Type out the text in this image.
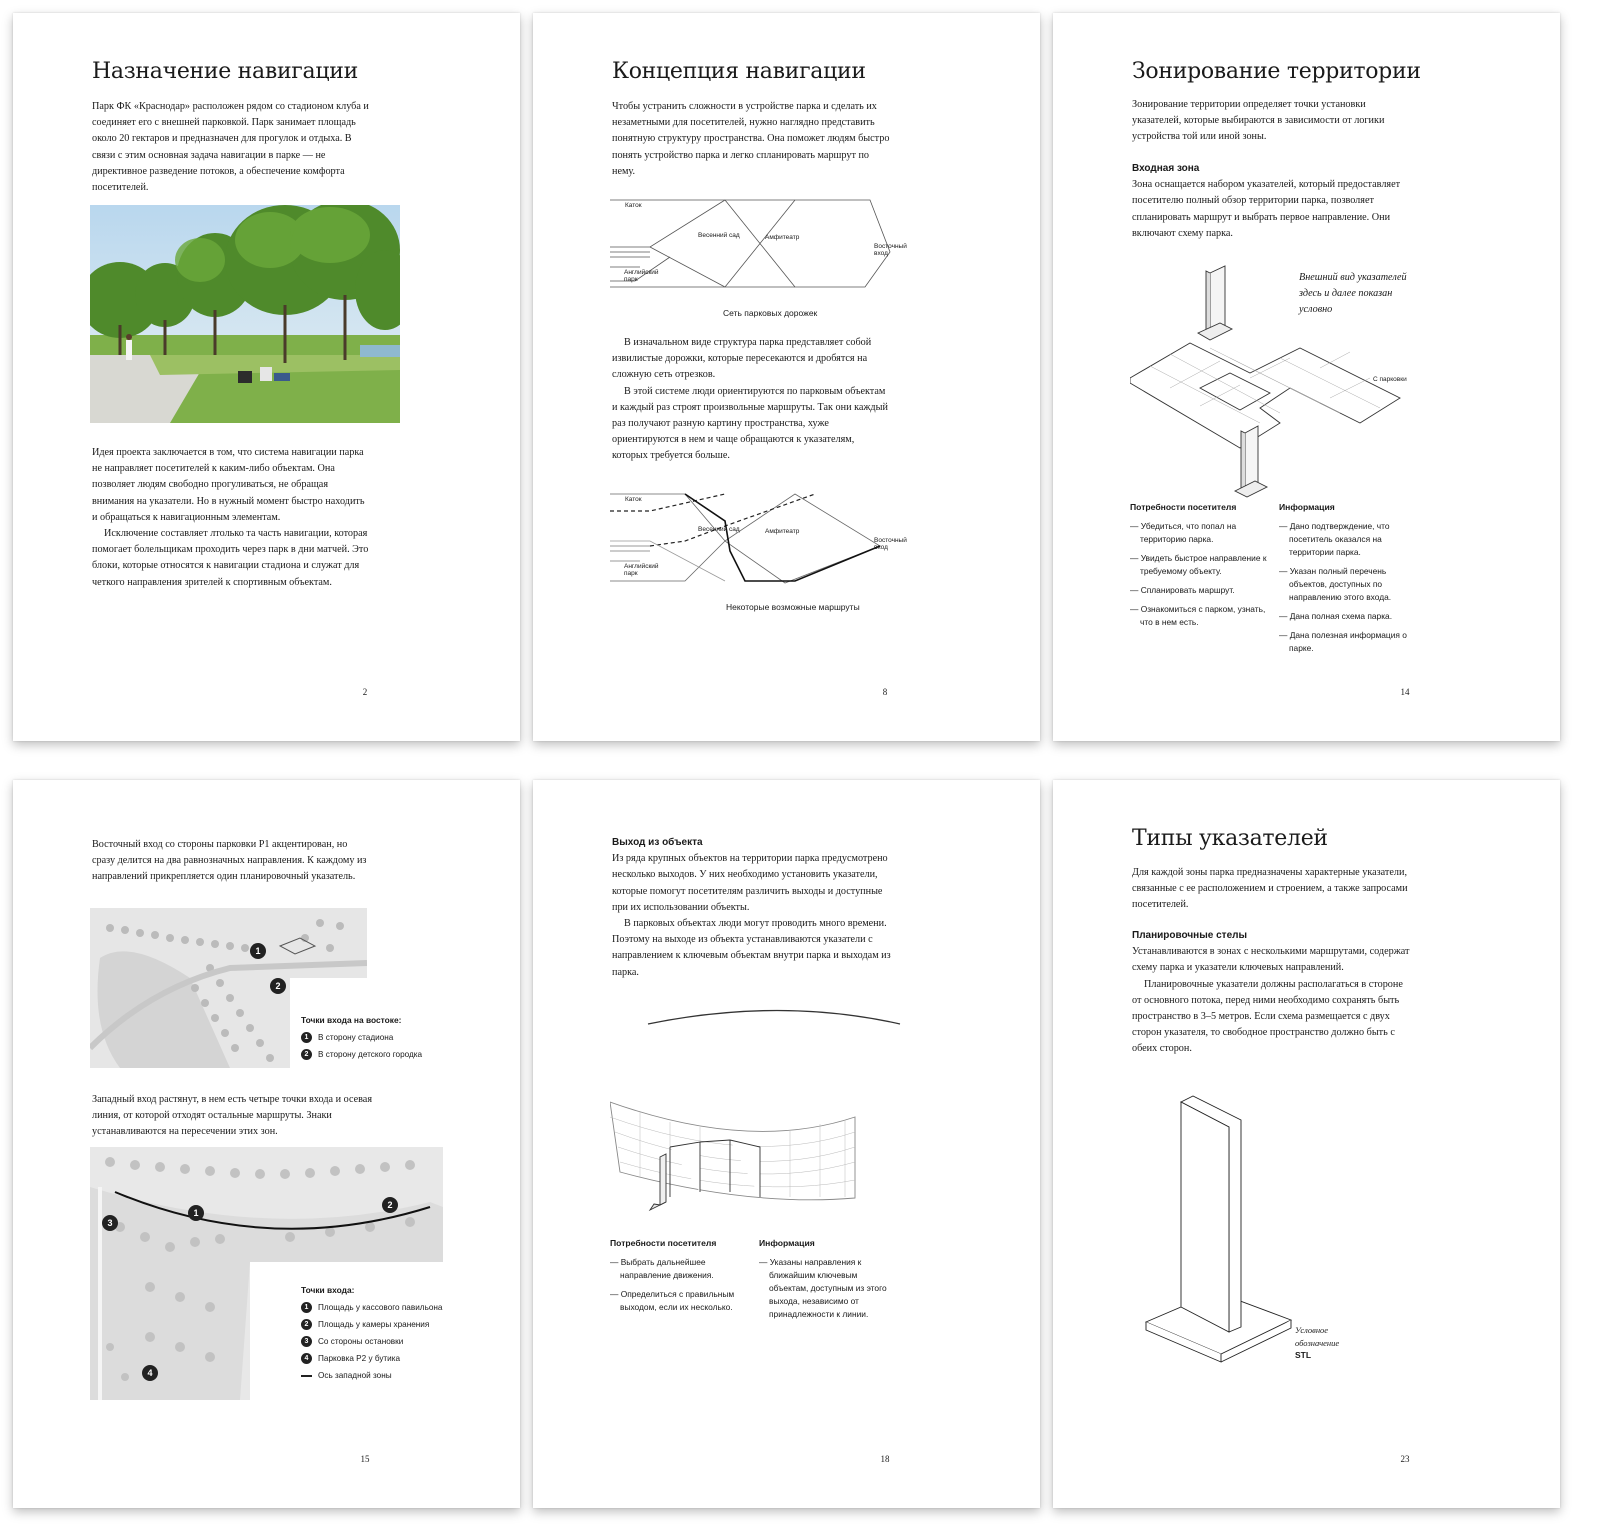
Назначение навигации

Парк ФК «Краснодар» расположен рядом со стадионом клуба и соединяет его с внешней парковкой. Парк занимает площадь около 20 гектаров и предназначен для прогулок и отдыха. В связи с этим основная задача навигации в парке — не директивное разведение потоков, а обеспечение комфорта посетителей.

Идея проекта заключается в том, что система навигации парка не направляет посетителей к каким-либо объектам. Она позволяет людям свободно прогуливаться, не обращая внимания на указатели. Но в нужный момент быстро находить и обращаться к навигационным элементам.

Исключение составляет лтолько та часть навигации, которая помогает болельщикам проходить через парк в дни матчей. Это блоки, которые относятся к навигации стадиона и служат для четкого направления зрителей к спортивным объектам.

2
Концепция навигации

Чтобы устранить сложности в устройстве парка и сделать их незаметными для посетителей, нужно наглядно представить понятную структуру пространства. Она поможет людям быстро понять устройство парка и легко спланировать маршрут по нему.

Каток
Весенний сад	Амфитеатр
Восточный вход
Английский парк
Сеть парковых дорожек

В изначальном виде структура парка представляет собой извилистые дорожки, которые пересекаются и дробятся на сложную сеть отрезков.

В этой системе люди ориентируются по парковым объектам и каждый раз строят произвольные маршруты. Так они каждый раз получают разную картину пространства, хуже ориентируются в нем и чаще обращаются к указателям, которых требуется больше.

Каток
Весенний сад	Амфитеатр
Восточный вход
Английский парк
Некоторые возможные маршруты
8
Зонирование территории

Зонирование территории определяет точки установки указателей, которые выбираются в зависимости от логики устройства той или иной зоны.

Входная зона

Зона оснащается набором указателей, который предоставляет посетителю полный обзор территории парка, позволяет спланировать маршрут и выбрать первое направление. Они включают схему парка.

Внешний вид указателей здесь и далее показан условно
С парковки
Потребности посетителя
— Убедиться, что попал на территорию парка.
— Увидеть быстрое направление к требуемому объекту.
— Спланировать маршрут.
— Ознакомиться с парком, узнать, что в нем есть.
Информация
— Дано подтверждение, что посетитель оказался на территории парка.
— Указан полный перечень объектов, доступных по направлению этого входа.
— Дана полная схема парка.
— Дана полезная информация о парке.
14

Восточный вход со стороны парковки Р1 акцентирован, но сразу делится на два равнозначных направления. К каждому из направлений прикрепляется один планировочный указатель.

1
2
Точки входа на востоке:
1	В сторону стадиона
2	В сторону детского городка

Западный вход растянут, в нем есть четыре точки входа и осевая линия, от которой отходят остальные маршруты. Знаки устанавливаются на пересечении этих зон.

1
2
3
4
Точки входа:
1	Площадь у кассового павильона
2	Площадь у камеры хранения
3	Со стороны остановки
4	Парковка Р2 у бутика
Ось западной зоны
15

Выход из объекта

Из ряда крупных объектов на территории парка предусмотрено несколько выходов. У них необходимо установить указатели, которые помогут посетителям различить выходы и доступные при их использовании объекты.

В парковых объектах люди могут проводить много времени. Поэтому на выходе из объекта устанавливаются указатели с направлением к ключевым объектам внутри парка и выходам из парка.

Потребности посетителя
— Выбрать дальнейшее направление движения.
— Определиться с правильным выходом, если их несколько.
Информация
— Указаны направления к ближайшим ключевым объектам, доступным из этого выхода, независимо от принадлежности к линии.
18
Типы указателей

Для каждой зоны парка предназначены характерные указатели, связанные с ее расположением и строением, а также запросами посетителей.

Планировочные стелы

Устанавливаются в зонах с несколькими маршрутами, содержат схему парка и указатели ключевых направлений.

Планировочные указатели должны располагаться в стороне от основного потока, перед ними необходимо сохранять быть пространство в 3–5 метров. Если схема размещается с двух сторон указателя, то свободное пространство должно быть с обеих сторон.

Условное обозначение
STL
23
